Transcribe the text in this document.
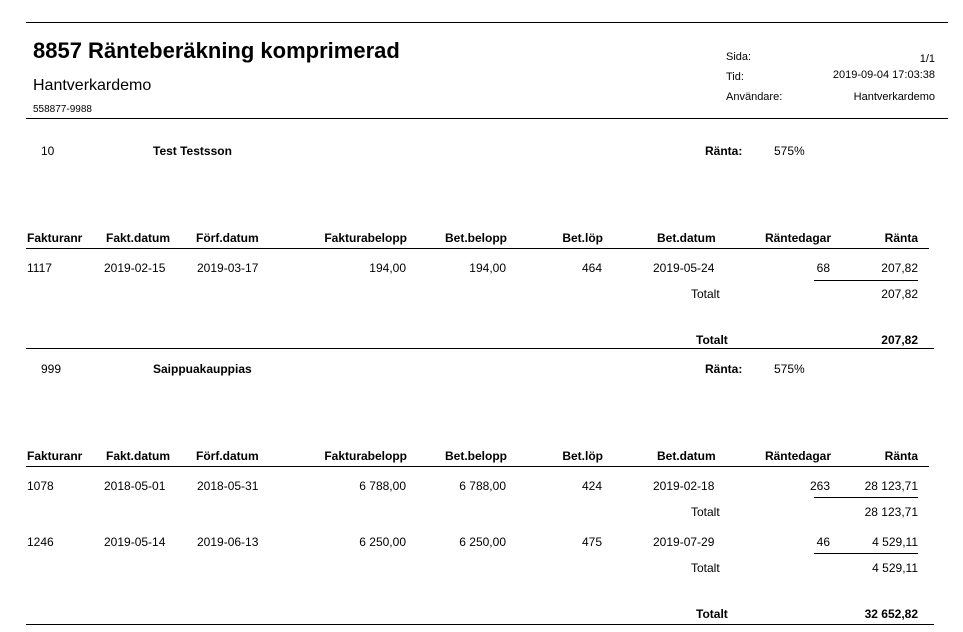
8857 Ränteberäkning komprimerad
Hantverkardemo
558877-9988
Sida:	1/1
Tid:	2019-09-04 17:03:38
Användare:	Hantverkardemo
10	Test Testsson	Ränta:	575%
Fakturanr Fakt.datum Förf.datum	Fakturabelopp	Bet.belopp	Bet.löp	Bet.datum	Räntedagar	Ränta
1117	2019-02-15	2019-03-17	194,00	194,00	464	2019-05-24	68	207,82
Totalt	207,82
Totalt	207,82
999	Saippuakauppias	Ränta:	575%
Fakturanr Fakt.datum Förf.datum	Fakturabelopp	Bet.belopp	Bet.löp	Bet.datum	Räntedagar	Ränta
1078	2018-05-01	2018-05-31	6 788,00	6 788,00	424	2019-02-18	263	28 123,71
Totalt	28 123,71
1246	2019-05-14	2019-06-13	6 250,00	6 250,00	475	2019-07-29	46	4 529,11
Totalt	4 529,11
Totalt	32 652,82
